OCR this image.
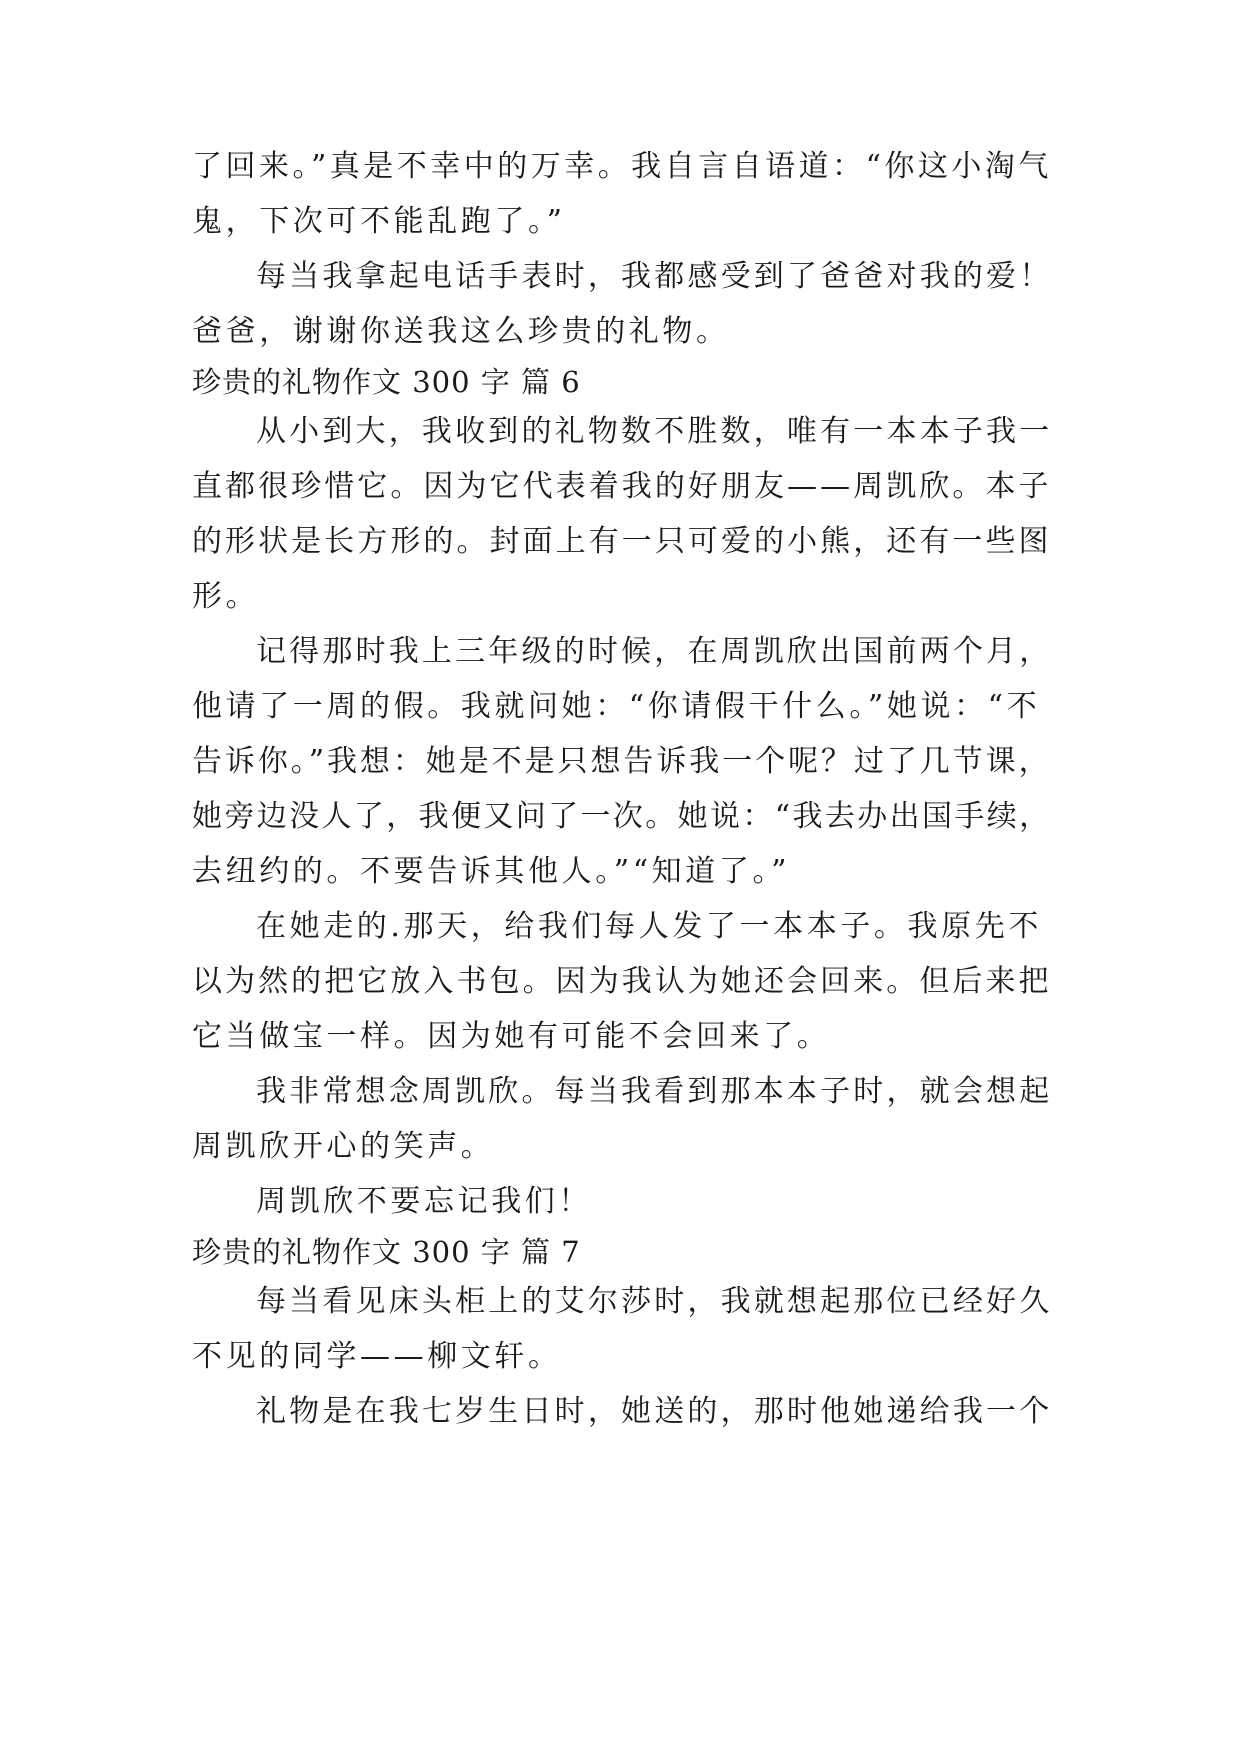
了回来。”真是不幸中的万幸。我自言自语道：“你这小淘气
鬼，下次可不能乱跑了。”
每当我拿起电话手表时，我都感受到了爸爸对我的爱！
爸爸，谢谢你送我这么珍贵的礼物。
珍贵的礼物作文 300 字 篇 6
从小到大，我收到的礼物数不胜数，唯有一本本子我一
直都很珍惜它。因为它代表着我的好朋友——周凯欣。本子
的形状是长方形的。封面上有一只可爱的小熊，还有一些图
形。
记得那时我上三年级的时候，在周凯欣出国前两个月，
他请了一周的假。我就问她：“你请假干什么。”她说：“不
告诉你。”我想：她是不是只想告诉我一个呢？过了几节课，
她旁边没人了，我便又问了一次。她说：“我去办出国手续，
去纽约的。不要告诉其他人。”“知道了。”
在她走的.那天，给我们每人发了一本本子。我原先不
以为然的把它放入书包。因为我认为她还会回来。但后来把
它当做宝一样。因为她有可能不会回来了。
我非常想念周凯欣。每当我看到那本本子时，就会想起
周凯欣开心的笑声。
周凯欣不要忘记我们！
珍贵的礼物作文 300 字 篇 7
每当看见床头柜上的艾尔莎时，我就想起那位已经好久
不见的同学——柳文轩。
礼物是在我七岁生日时，她送的，那时他她递给我一个
